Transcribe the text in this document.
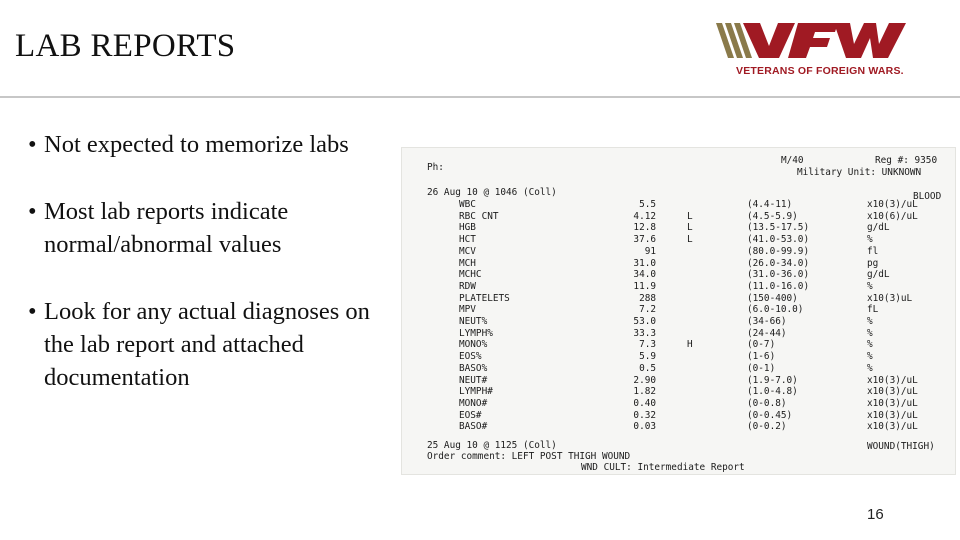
LAB REPORTS
VETERANS OF FOREIGN WARS.
• Not expected to memorize labs
• Most lab reports indicate normal/abnormal values
• Look for any actual diagnoses on the lab report and attached documentation
Ph:
M/40	Reg #: 9350
Military Unit: UNKNOWN
26 Aug 10 @ 1046 (Coll)	BLOOD
WBC	5.5	(4.4-11)	x10(3)/uL
RBC CNT	4.12	L	(4.5-5.9)	x10(6)/uL
HGB	12.8	L	(13.5-17.5)	g/dL
HCT	37.6	L	(41.0-53.0)	%
MCV	91	(80.0-99.9)	fl
MCH	31.0	(26.0-34.0)	pg
MCHC	34.0	(31.0-36.0)	g/dL
RDW	11.9	(11.0-16.0)	%
PLATELETS	288	(150-400)	x10(3)uL
MPV	7.2	(6.0-10.0)	fL
NEUT%	53.0	(34-66)	%
LYMPH%	33.3	(24-44)	%
MONO%	7.3	H	(0-7)	%
EOS%	5.9	(1-6)	%
BASO%	0.5	(0-1)	%
NEUT#	2.90	(1.9-7.0)	x10(3)/uL
LYMPH#	1.82	(1.0-4.8)	x10(3)/uL
MONO#	0.40	(0-0.8)	x10(3)/uL
EOS#	0.32	(0-0.45)	x10(3)/uL
BASO#	0.03	(0-0.2)	x10(3)/uL
25 Aug 10 @ 1125 (Coll)
Order comment: LEFT POST THIGH WOUND
WOUND(THIGH)
WND CULT: Intermediate Report
16
